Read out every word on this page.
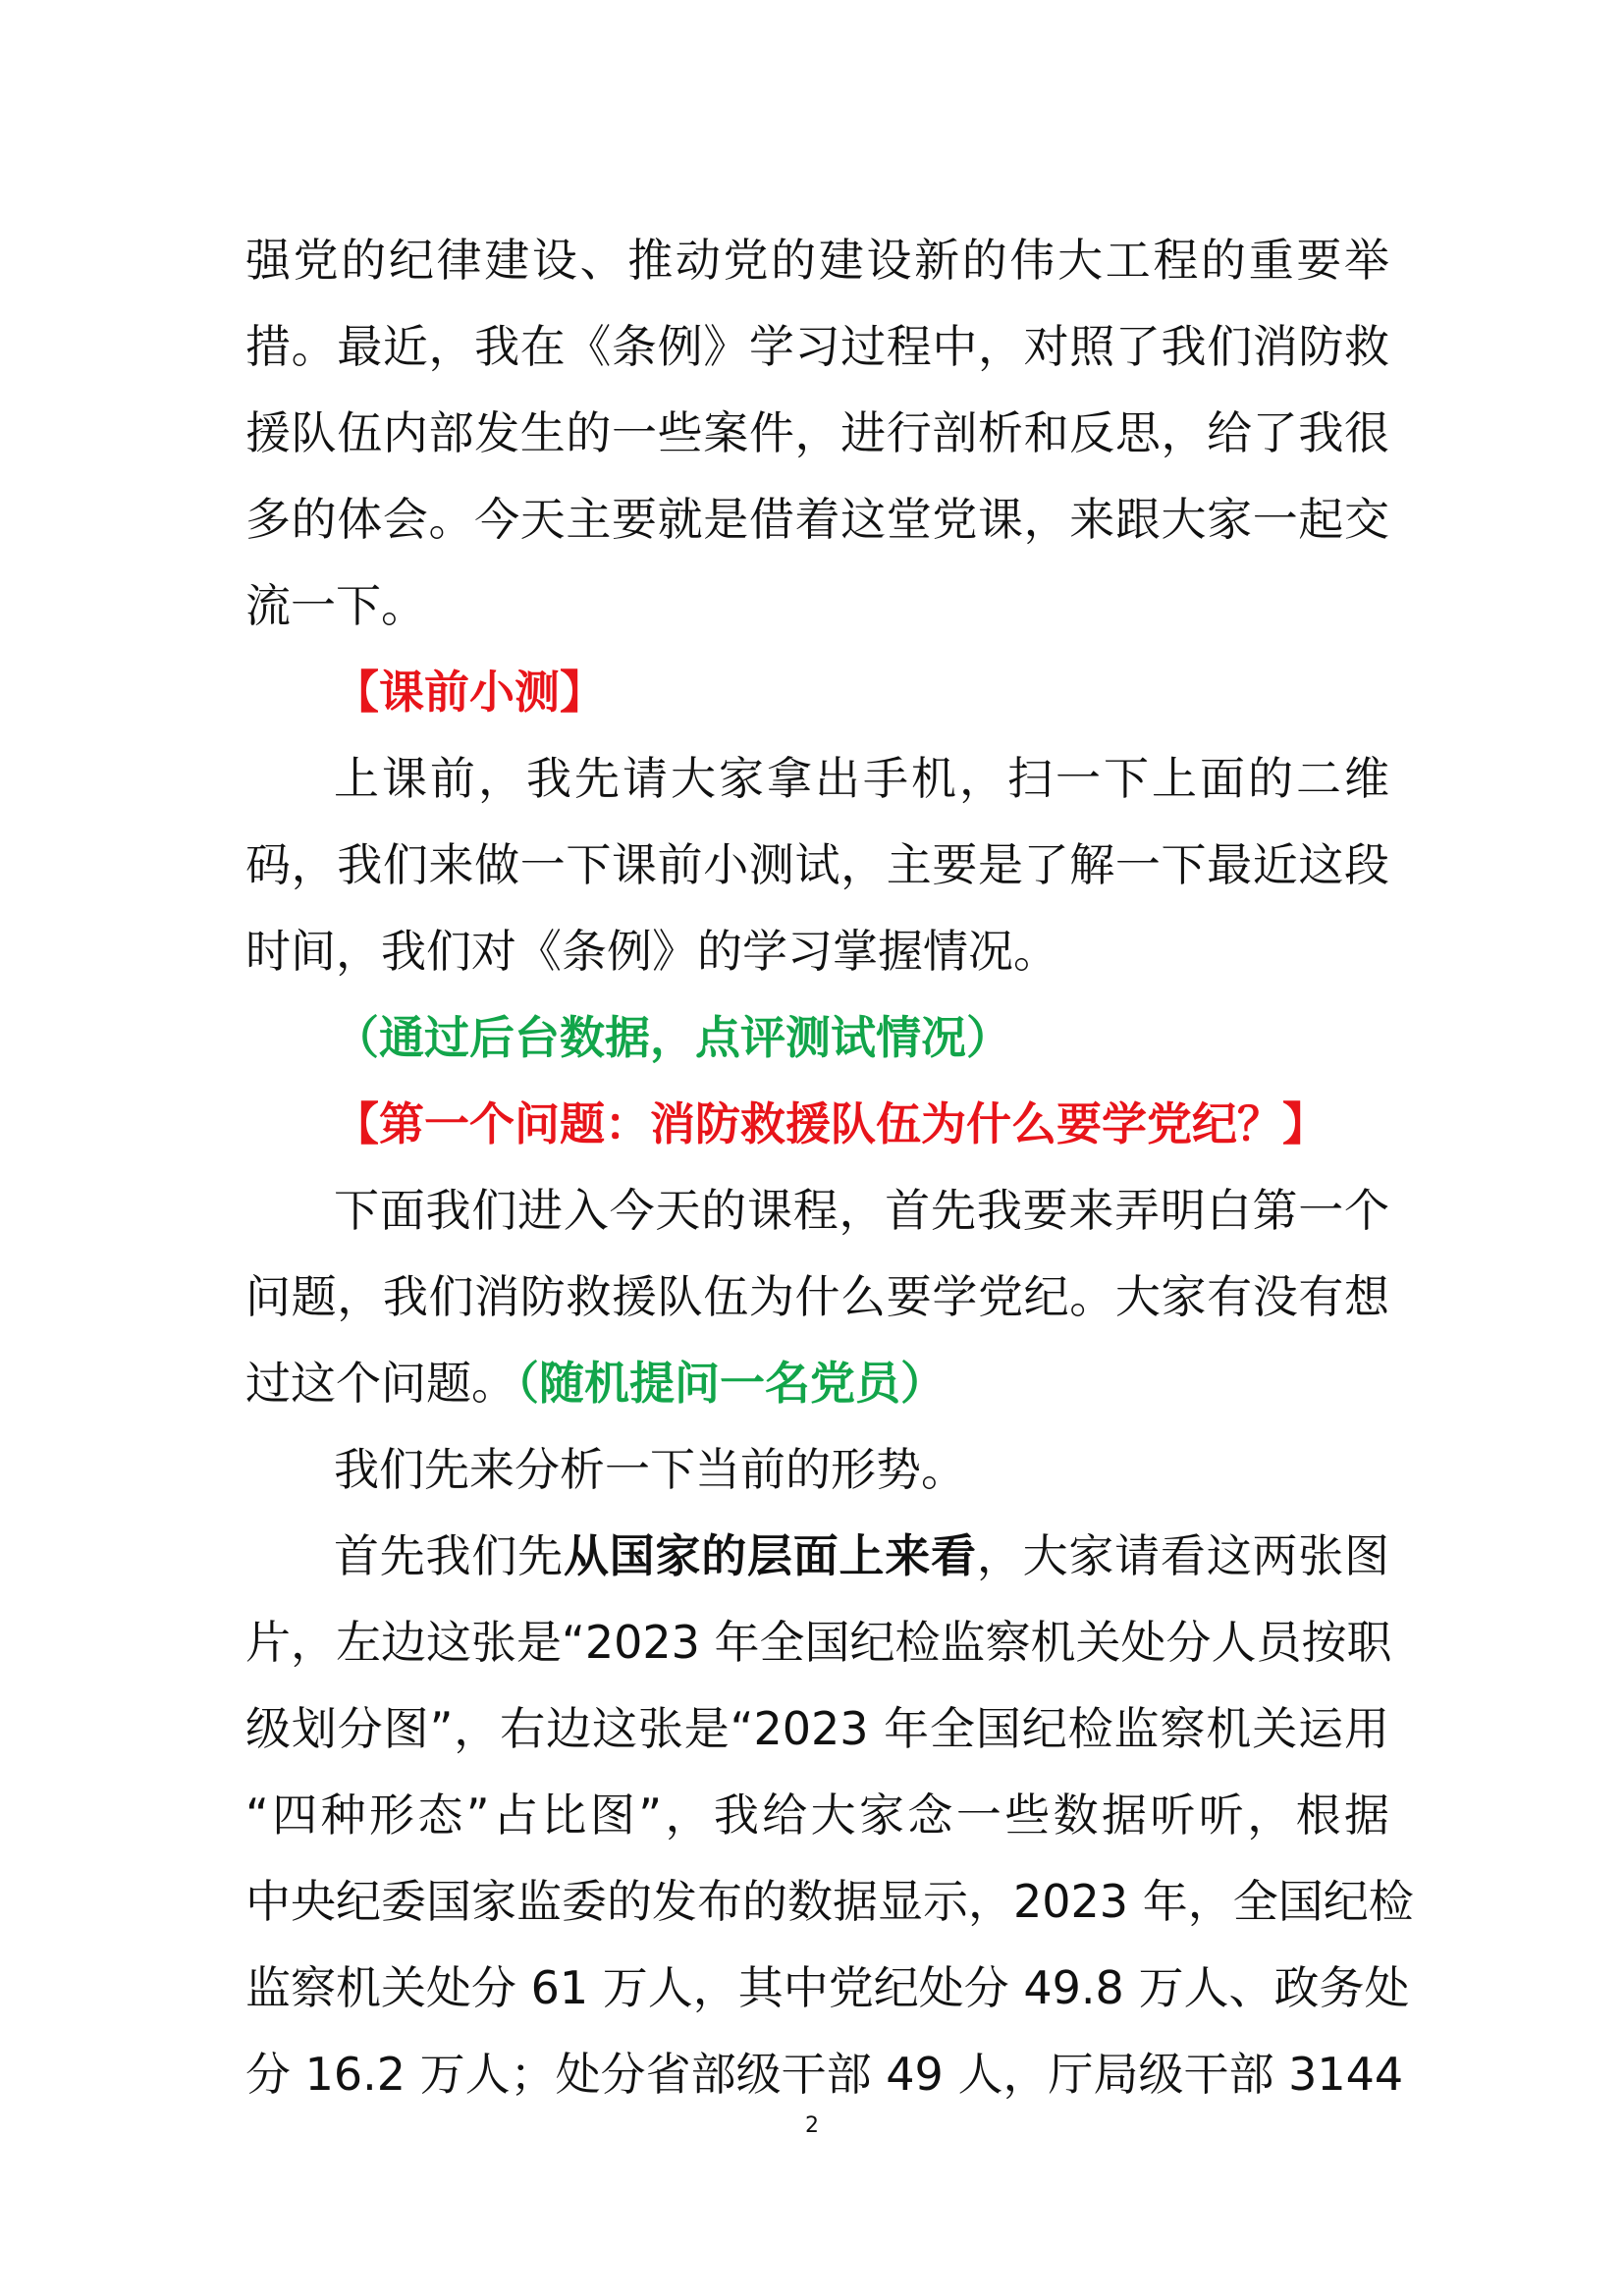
强党的纪律建设、推动党的建设新的伟大工程的重要举
措。最近，我在《条例》学习过程中，对照了我们消防救
援队伍内部发生的一些案件，进行剖析和反思，给了我很
多的体会。今天主要就是借着这堂党课，来跟大家一起交
流一下。
【课前小测】
上课前，我先请大家拿出手机，扫一下上面的二维
码，我们来做一下课前小测试，主要是了解一下最近这段
时间，我们对《条例》的学习掌握情况。
（通过后台数据，点评测试情况）
【第一个问题：消防救援队伍为什么要学党纪？】
下面我们进入今天的课程，首先我要来弄明白第一个
问题，我们消防救援队伍为什么要学党纪。大家有没有想
过这个问题。（随机提问一名党员）
我们先来分析一下当前的形势。
首先我们先从国家的层面上来看，大家请看这两张图
片，左边这张是“2023 年全国纪检监察机关处分人员按职
级划分图”，右边这张是“2023 年全国纪检监察机关运用
“四种形态”占比图”，我给大家念一些数据听听，根据
中央纪委国家监委的发布的数据显示，2023 年，全国纪检
监察机关处分 61 万人，其中党纪处分 49.8 万人、政务处
分 16.2 万人；处分省部级干部 49 人，厅局级干部 3144
2
